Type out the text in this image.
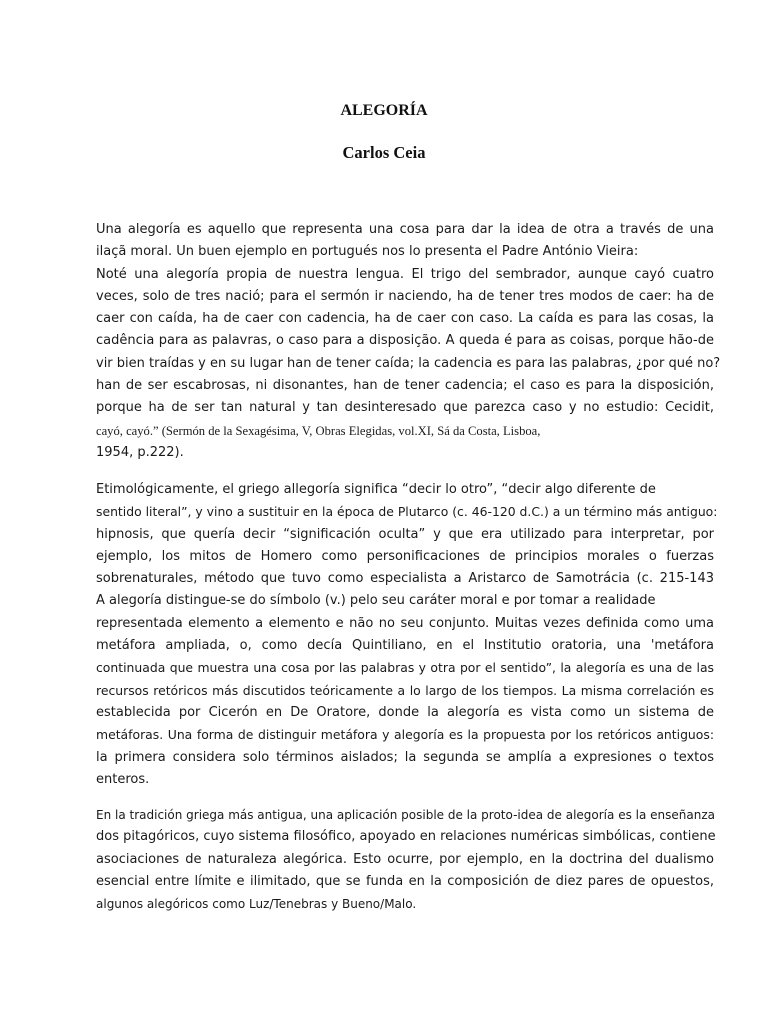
ALEGORÍA
Carlos Ceia
Una alegoría es aquello que representa una cosa para dar la idea de otra a través de una
ilaçã moral. Un buen ejemplo en portugués nos lo presenta el Padre António Vieira:
Noté una alegoría propia de nuestra lengua. El trigo del sembrador, aunque cayó cuatro
veces, solo de tres nació; para el sermón ir naciendo, ha de tener tres modos de caer: ha de
caer con caída, ha de caer con cadencia, ha de caer con caso. La caída es para las cosas, la
cadência para as palavras, o caso para a disposição. A queda é para as coisas, porque hão-de
vir bien traídas y en su lugar han de tener caída; la cadencia es para las palabras, ¿por qué no?
han de ser escabrosas, ni disonantes, han de tener cadencia; el caso es para la disposición,
porque ha de ser tan natural y tan desinteresado que parezca caso y no estudio: Cecidit,
cayó, cayó.” (Sermón de la Sexagésima, V, Obras Elegidas, vol.XI, Sá da Costa, Lisboa,
1954, p.222).
Etimológicamente, el griego allegoría significa “decir lo otro”, “decir algo diferente de
sentido literal”, y vino a sustituir en la época de Plutarco (c. 46-120 d.C.) a un término más antiguo:
hipnosis, que quería decir “significación oculta” y que era utilizado para interpretar, por
ejemplo, los mitos de Homero como personificaciones de principios morales o fuerzas
sobrenaturales, método que tuvo como especialista a Aristarco de Samotrácia (c. 215-143
A alegoría distingue-se do símbolo (v.) pelo seu caráter moral e por tomar a realidade
representada elemento a elemento e não no seu conjunto. Muitas vezes definida como uma
metáfora ampliada, o, como decía Quintiliano, en el Institutio oratoria, una 'metáfora
continuada que muestra una cosa por las palabras y otra por el sentido”, la alegoría es una de las
recursos retóricos más discutidos teóricamente a lo largo de los tiempos. La misma correlación es
establecida por Cicerón en De Oratore, donde la alegoría es vista como un sistema de
metáforas. Una forma de distinguir metáfora y alegoría es la propuesta por los retóricos antiguos:
la primera considera solo términos aislados; la segunda se amplía a expresiones o textos
enteros.
En la tradición griega más antigua, una aplicación posible de la proto-idea de alegoría es la enseñanza
dos pitagóricos, cuyo sistema filosófico, apoyado en relaciones numéricas simbólicas, contiene
asociaciones de naturaleza alegórica. Esto ocurre, por ejemplo, en la doctrina del dualismo
esencial entre límite e ilimitado, que se funda en la composición de diez pares de opuestos,
algunos alegóricos como Luz/Tenebras y Bueno/Malo.
